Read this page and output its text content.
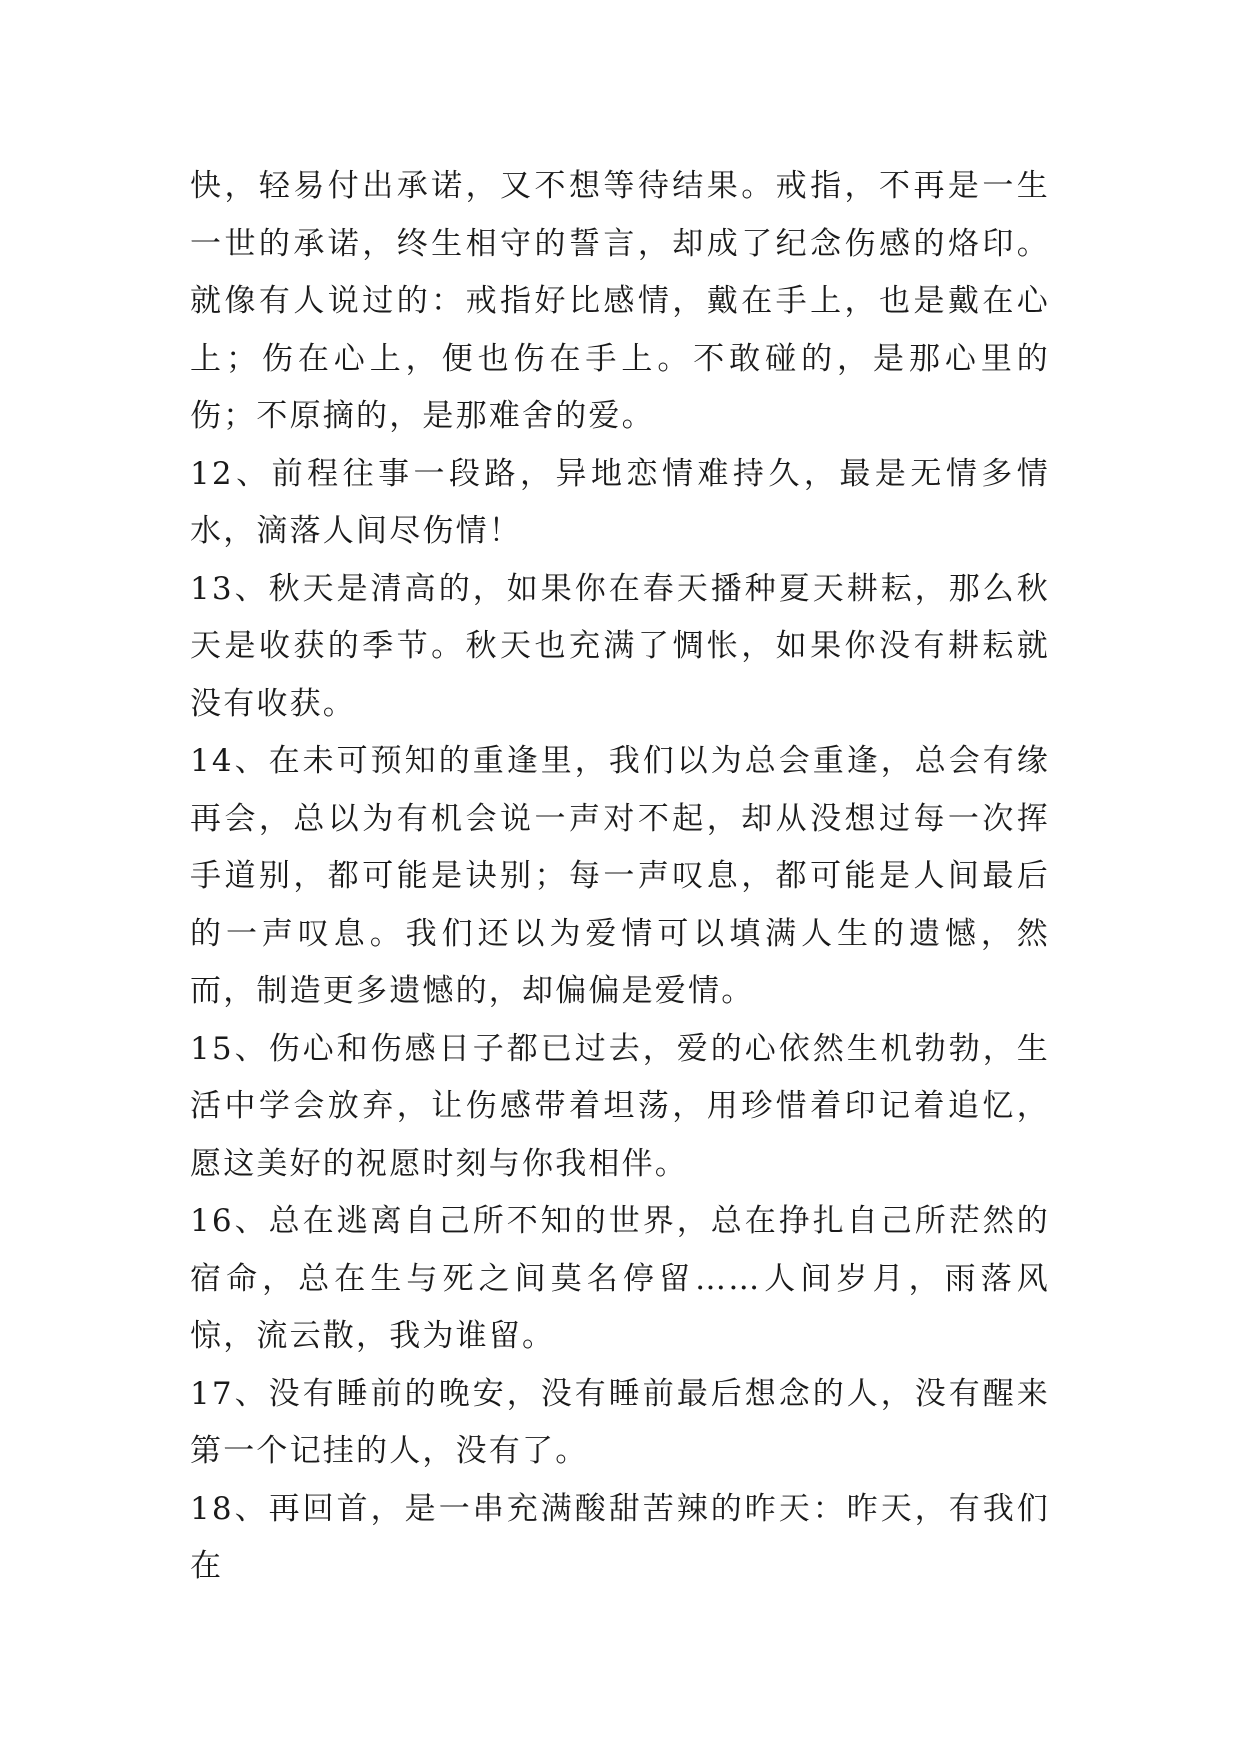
快，轻易付出承诺，又不想等待结果。戒指，不再是一生一世的承诺，终生相守的誓言，却成了纪念伤感的烙印。就像有人说过的：戒指好比感情，戴在手上，也是戴在心上；伤在心上，便也伤在手上。不敢碰的，是那心里的伤；不原摘的，是那难舍的爱。

12、前程往事一段路，异地恋情难持久，最是无情多情水，滴落人间尽伤情！

13、秋天是清高的，如果你在春天播种夏天耕耘，那么秋天是收获的季节。秋天也充满了惆怅，如果你没有耕耘就没有收获。

14、在未可预知的重逢里，我们以为总会重逢，总会有缘再会，总以为有机会说一声对不起，却从没想过每一次挥手道别，都可能是诀别；每一声叹息，都可能是人间最后的一声叹息。我们还以为爱情可以填满人生的遗憾，然而，制造更多遗憾的，却偏偏是爱情。

15、伤心和伤感日子都已过去，爱的心依然生机勃勃，生活中学会放弃，让伤感带着坦荡，用珍惜着印记着追忆，愿这美好的祝愿时刻与你我相伴。

16、总在逃离自己所不知的世界，总在挣扎自己所茫然的宿命，总在生与死之间莫名停留……人间岁月，雨落风惊，流云散，我为谁留。

17、没有睡前的晚安，没有睡前最后想念的人，没有醒来第一个记挂的人，没有了。

18、再回首，是一串充满酸甜苦辣的昨天：昨天，有我们在
